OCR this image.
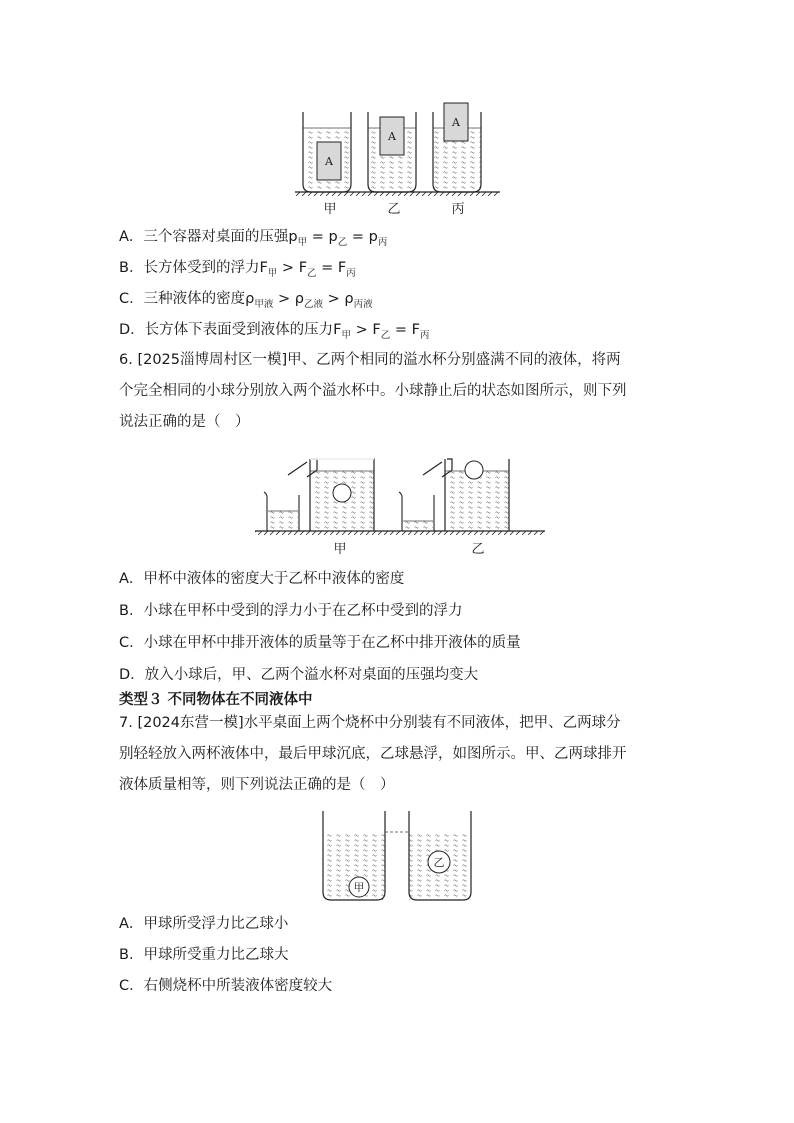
A
A
A
甲	乙	丙
A．三个容器对桌面的压强$p_甲 = p_乙 = p_丙$
B．长方体受到的浮力$F_甲 > F_乙 = F_丙$
C．三种液体的密度$\rho_{甲液} > \rho_{乙液} > \rho_{丙液}$
D．长方体下表面受到液体的压力$F_甲 > F_乙 = F_丙$
6. [2025淄博周村区一模]甲、乙两个相同的溢水杯分别盛满不同的液体，将两
个完全相同的小球分别放入两个溢水杯中。小球静止后的状态如图所示，则下列
说法正确的是（　）
甲	乙
A．甲杯中液体的密度大于乙杯中液体的密度
B．小球在甲杯中受到的浮力小于在乙杯中受到的浮力
C．小球在甲杯中排开液体的质量等于在乙杯中排开液体的质量
D．放入小球后，甲、乙两个溢水杯对桌面的压强均变大
类型３ 不同物体在不同液体中
7. [2024东营一模]水平桌面上两个烧杯中分别装有不同液体，把甲、乙两球分
别轻轻放入两杯液体中，最后甲球沉底，乙球悬浮，如图所示。甲、乙两球排开
液体质量相等，则下列说法正确的是（　）
甲
乙
A．甲球所受浮力比乙球小
B．甲球所受重力比乙球大
C．右侧烧杯中所装液体密度较大
